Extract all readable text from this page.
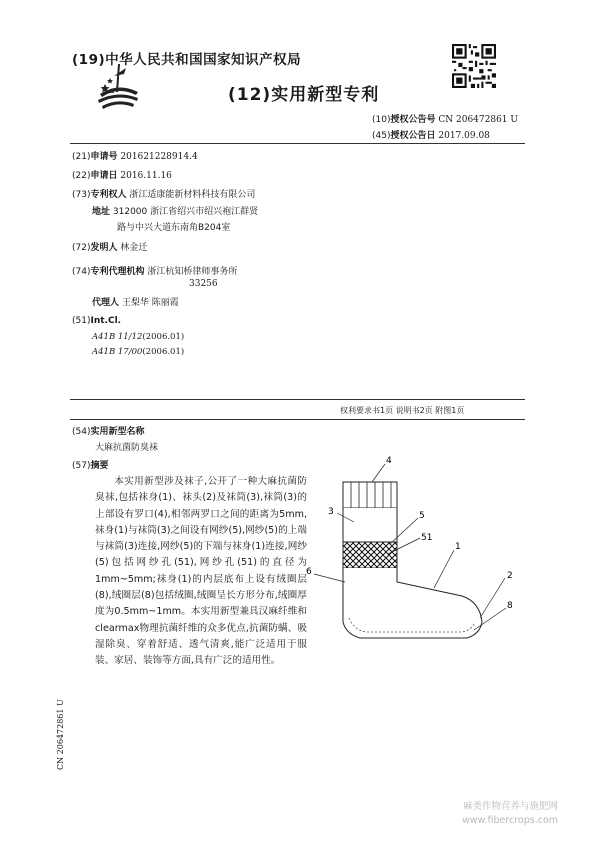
(19)中华人民共和国国家知识产权局
(12)实用新型专利
(10)授权公告号 CN 206472861 U
(45)授权公告日 2017.09.08
(21)申请号 201621228914.4
(22)申请日 2016.11.16
(73)专利权人 浙江适康能新材料科技有限公司
地址 312000 浙江省绍兴市绍兴袍江群贤
路与中兴大道东南角B204室
(72)发明人 林金迁
(74)专利代理机构 浙江杭知桥律师事务所
33256
代理人 王梨华 陈丽霞
(51)Int.Cl.
A41B 11/12(2006.01)
A41B 17/00(2006.01)
权利要求书1页 说明书2页 附图1页
(54)实用新型名称
大麻抗菌防臭袜
(57)摘要
本实用新型涉及袜子,公开了一种大麻抗菌防臭袜,包括袜身(1)、袜头(2)及袜筒(3),袜筒(3)的上部设有罗口(4),相邻两罗口之间的距离为5mm,袜身(1)与袜筒(3)之间设有网纱(5),网纱(5)的上端与袜筒(3)连接,网纱(5)的下端与袜身(1)连接,网纱(5)包括网纱孔(51),网纱孔(51)的直径为1mm~5mm;袜身(1)的内层底布上设有绒圈层(8),绒圈层(8)包括绒圈,绒圈呈长方形分布,绒圈厚度为0.5mm~1mm。本实用新型兼具汉麻纤维和clearmax物理抗菌纤维的众多优点,抗菌防螨、吸湿除臭、穿着舒适、透气清爽,能广泛适用于服装、家居、装饰等方面,具有广泛的适用性。
4
3	5
51
1
6	2
8
CN 206472861 U
麻类作物营养与施肥网
www.fibercrops.com
